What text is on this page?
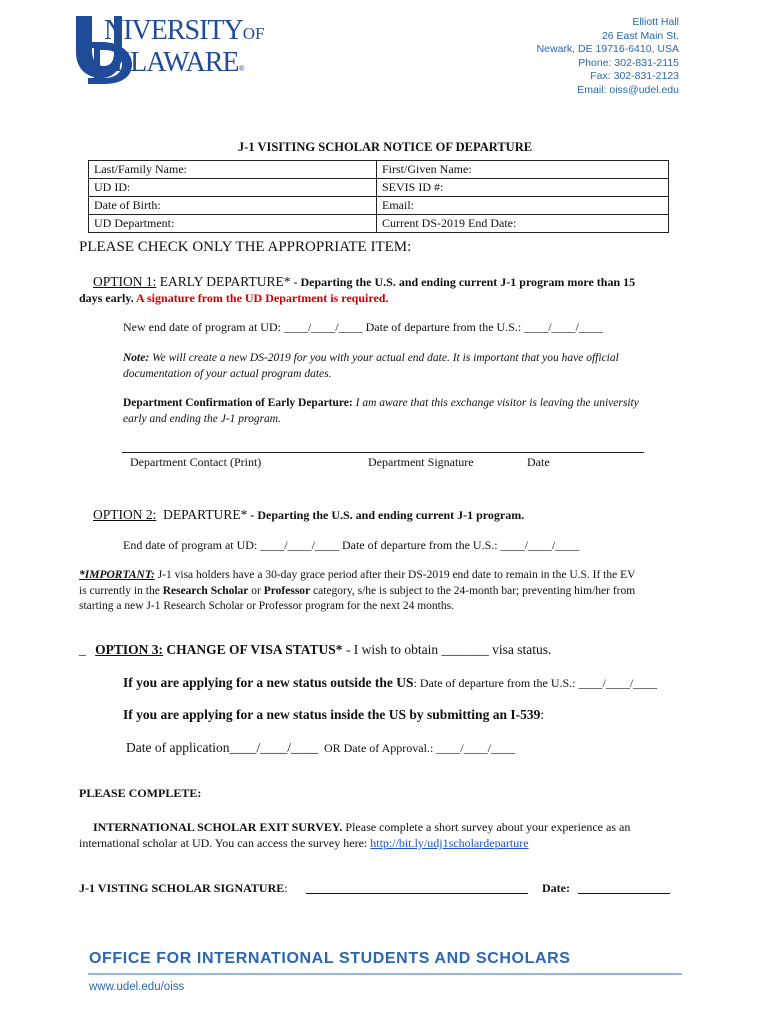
NIVERSITYOF
ELAWARE®
Elliott Hall
26 East Main St.
Newark, DE 19716-6410, USA
Phone: 302-831-2115
Fax: 302-831-2123
Email: oiss@udel.edu
J-1 VISITING SCHOLAR NOTICE OF DEPARTURE
Last/Family Name:	First/Given Name:
UD ID:	SEVIS ID #:
Date of Birth:	Email:
UD Department:	Current DS-2019 End Date:
PLEASE CHECK ONLY THE APPROPRIATE ITEM:
OPTION 1: EARLY DEPARTURE* - Departing the U.S. and ending current J-1 program more than 15
days early. A signature from the UD Department is required.
New end date of program at UD: ____/____/____ Date of departure from the U.S.: ____/____/____
Note: We will create a new DS-2019 for you with your actual end date. It is important that you have official
documentation of your actual program dates.
Department Confirmation of Early Departure: I am aware that this exchange visitor is leaving the university
early and ending the J-1 program.
Department Contact (Print)	Department Signature	Date
OPTION 2:  DEPARTURE* - Departing the U.S. and ending current J-1 program.
End date of program at UD: ____/____/____ Date of departure from the U.S.: ____/____/____
*IMPORTANT: J-1 visa holders have a 30-day grace period after their DS-2019 end date to remain in the U.S. If the EV
is currently in the Research Scholar or Professor category, s/he is subject to the 24-month bar; preventing him/her from
starting a new J-1 Research Scholar or Professor program for the next 24 months.
_ OPTION 3: CHANGE OF VISA STATUS* - I wish to obtain _______ visa status.
If you are applying for a new status outside the US: Date of departure from the U.S.: ____/____/____
If you are applying for a new status inside the US by submitting an I-539:
Date of application____/____/____  OR Date of Approval.: ____/____/____
PLEASE COMPLETE:
INTERNATIONAL SCHOLAR EXIT SURVEY. Please complete a short survey about your experience as an
international scholar at UD. You can access the survey here: http://bit.ly/udj1scholardeparture
J-1 VISTING SCHOLAR SIGNATURE:	Date:
OFFICE FOR INTERNATIONAL STUDENTS AND SCHOLARS
www.udel.edu/oiss
